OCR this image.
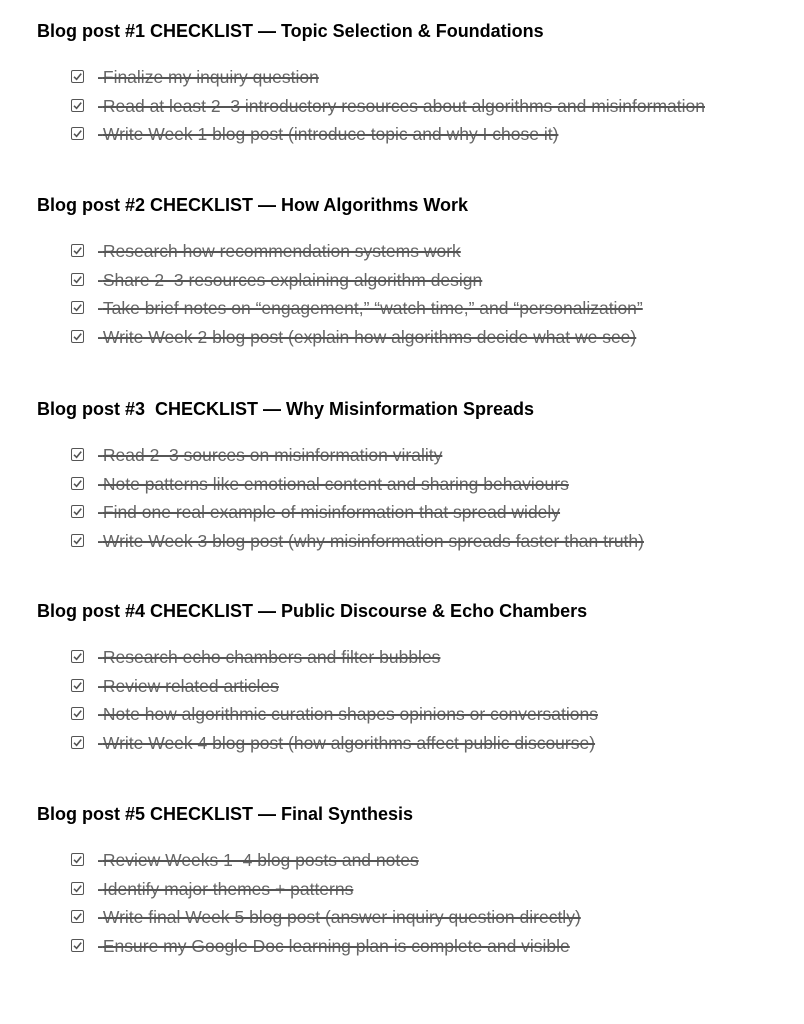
Blog post #1 CHECKLIST — Topic Selection & Foundations
Finalize my inquiry question
Read at least 2–3 introductory resources about algorithms and misinformation
Write Week 1 blog post (introduce topic and why I chose it)
Blog post #2 CHECKLIST — How Algorithms Work
Research how recommendation systems work
Share 2–3 resources explaining algorithm design
Take brief notes on “engagement,” “watch time,” and “personalization”
Write Week 2 blog post (explain how algorithms decide what we see)
Blog post #3  CHECKLIST — Why Misinformation Spreads
Read 2–3 sources on misinformation virality
Note patterns like emotional content and sharing behaviours
Find one real example of misinformation that spread widely
Write Week 3 blog post (why misinformation spreads faster than truth)
Blog post #4 CHECKLIST — Public Discourse & Echo Chambers
Research echo chambers and filter bubbles
Review related articles
Note how algorithmic curation shapes opinions or conversations
Write Week 4 blog post (how algorithms affect public discourse)
Blog post #5 CHECKLIST — Final Synthesis
Review Weeks 1–4 blog posts and notes
Identify major themes + patterns
Write final Week 5 blog post (answer inquiry question directly)
Ensure my Google Doc learning plan is complete and visible
